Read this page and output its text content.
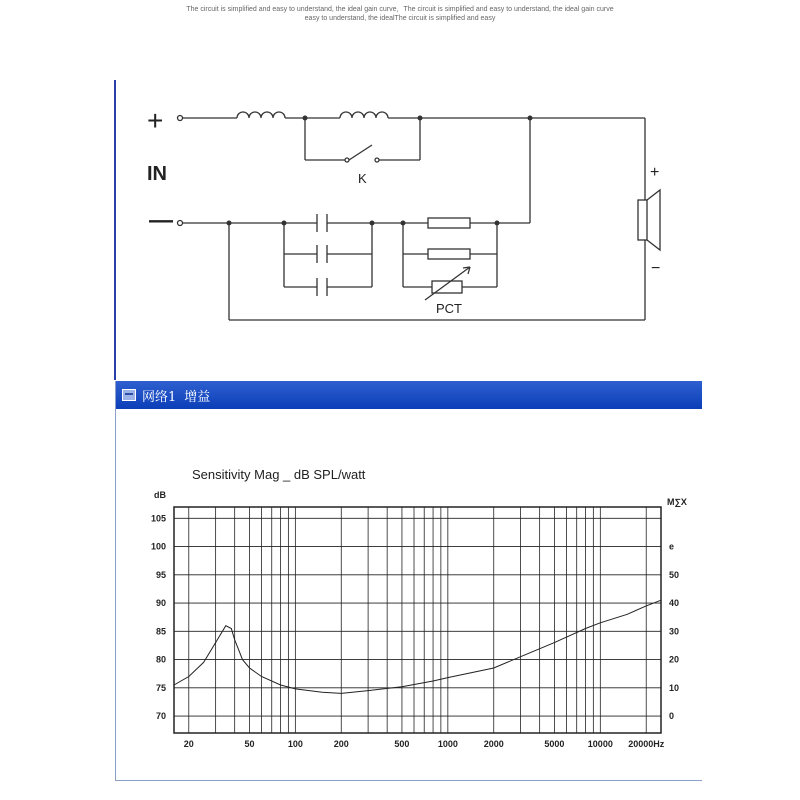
The circuit is simplified and easy to understand, the ideal gain curve，The circuit is simplified and easy to understand, the ideal gain curve
easy to understand, the idealThe circuit is simplified and easy
+
—
IN	K
PCT
+
−
网络1 增益
Sensitivity Mag _ dB SPL/watt
dB
105
100
95
90
85
80
75
70
M∑X
e
50
40
30
20
10
0
20	50	100	200	500	1000	2000	5000	10000 20000Hz
